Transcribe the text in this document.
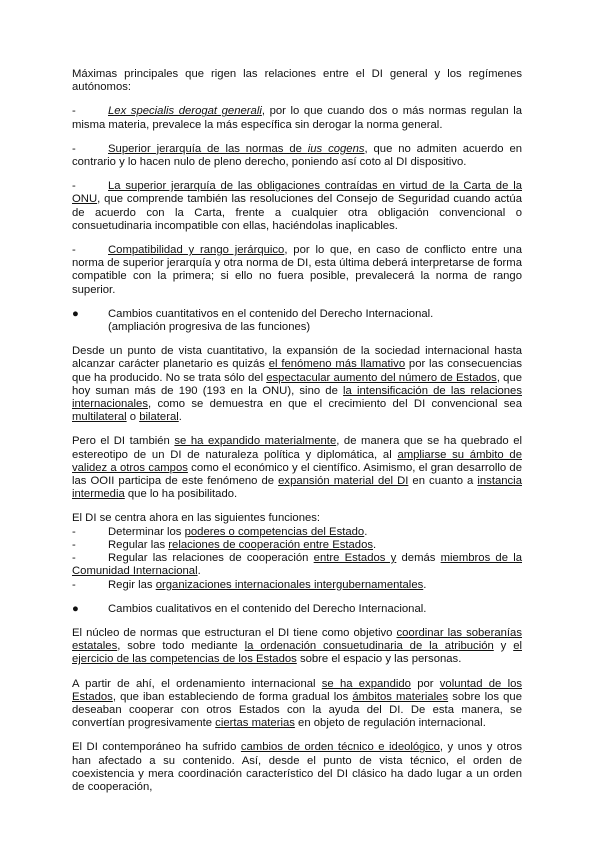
Máximas principales que rigen las relaciones entre el DI general y los regímenes autónomos:

-	Lex specialis derogat generali, por lo que cuando dos o más normas regulan la misma materia, prevalece la más específica sin derogar la norma general.

-	Superior jerarquía de las normas de ius cogens, que no admiten acuerdo en contrario y lo hacen nulo de pleno derecho, poniendo así coto al DI dispositivo.

-	La superior jerarquía de las obligaciones contraídas en virtud de la Carta de la ONU, que comprende también las resoluciones del Consejo de Seguridad cuando actúa de acuerdo con la Carta, frente a cualquier otra obligación convencional o consuetudinaria incompatible con ellas, haciéndolas inaplicables.

-	Compatibilidad y rango jerárquico, por lo que, en caso de conflicto entre una norma de superior jerarquía y otra norma de DI, esta última deberá interpretarse de forma compatible con la primera; si ello no fuera posible, prevalecerá la norma de rango superior.

●	Cambios cuantitativos en el contenido del Derecho Internacional.
(ampliación progresiva de las funciones)

Desde un punto de vista cuantitativo, la expansión de la sociedad internacional hasta alcanzar carácter planetario es quizás el fenómeno más llamativo por las consecuencias que ha producido. No se trata sólo del espectacular aumento del número de Estados, que hoy suman más de 190 (193 en la ONU), sino de la intensificación de las relaciones internacionales, como se demuestra en que el crecimiento del DI convencional sea multilateral o bilateral.

Pero el DI también se ha expandido materialmente, de manera que se ha quebrado el estereotipo de un DI de naturaleza política y diplomática, al ampliarse su ámbito de validez a otros campos como el económico y el científico. Asimismo, el gran desarrollo de las OOII participa de este fenómeno de expansión material del DI en cuanto a instancia intermedia que lo ha posibilitado.

El DI se centra ahora en las siguientes funciones:

-	Determinar los poderes o competencias del Estado.

-	Regular las relaciones de cooperación entre Estados.

-	Regular las relaciones de cooperación entre Estados y demás miembros de la Comunidad Internacional.

-	Regir las organizaciones internacionales intergubernamentales.

●	Cambios cualitativos en el contenido del Derecho Internacional.

El núcleo de normas que estructuran el DI tiene como objetivo coordinar las soberanías estatales, sobre todo mediante la ordenación consuetudinaria de la atribución y el ejercicio de las competencias de los Estados sobre el espacio y las personas.

A partir de ahí, el ordenamiento internacional se ha expandido por voluntad de los Estados, que iban estableciendo de forma gradual los ámbitos materiales sobre los que deseaban cooperar con otros Estados con la ayuda del DI. De esta manera, se convertían progresivamente ciertas materias en objeto de regulación internacional.

El DI contemporáneo ha sufrido cambios de orden técnico e ideológico, y unos y otros han afectado a su contenido. Así, desde el punto de vista técnico, el orden de coexistencia y mera coordinación característico del DI clásico ha dado lugar a un orden de cooperación,
